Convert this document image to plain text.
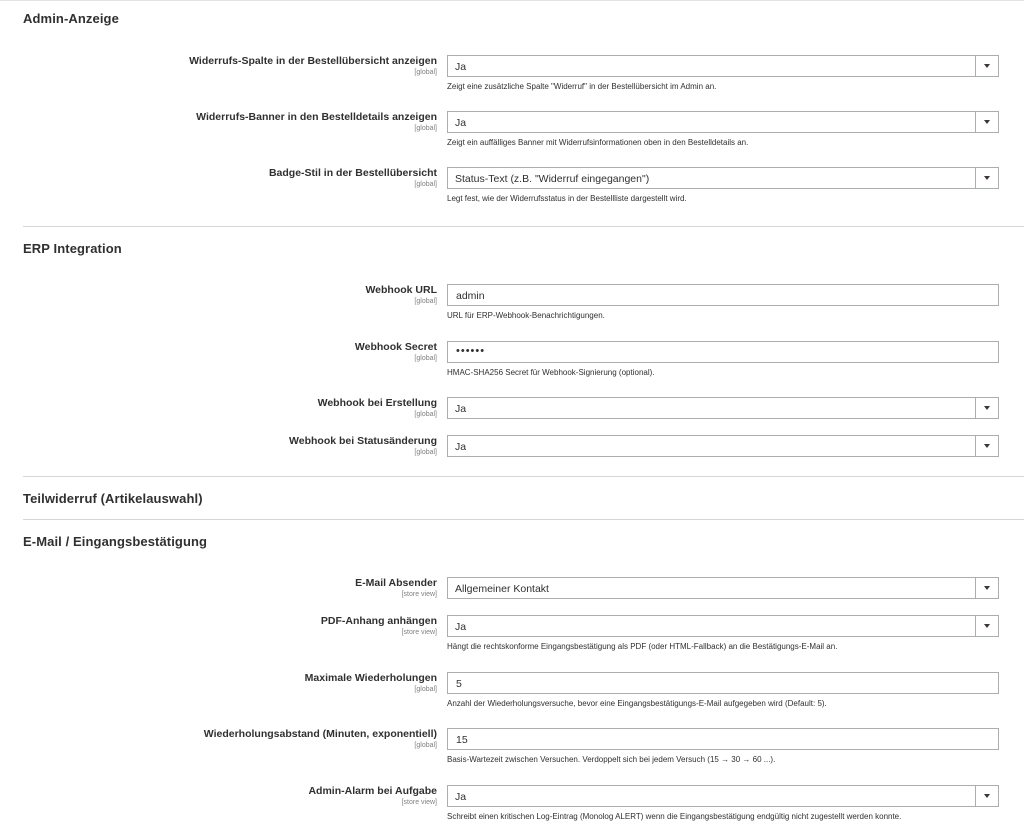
Admin-Anzeige
Widerrufs-Spalte in der Bestellübersicht anzeigen
[global] Ja
Zeigt eine zusätzliche Spalte "Widerruf" in der Bestellübersicht im Admin an.
Widerrufs-Banner in den Bestelldetails anzeigen
[global] Ja
Zeigt ein auffälliges Banner mit Widerrufsinformationen oben in den Bestelldetails an.
Badge-Stil in der Bestellübersicht
[global] Status-Text (z.B. "Widerruf eingegangen")
Legt fest, wie der Widerrufsstatus in der Bestellliste dargestellt wird.
ERP Integration
Webhook URL
[global] admin
URL für ERP-Webhook-Benachrichtigungen.
Webhook Secret
[global]
••••••
HMAC-SHA256 Secret für Webhook-Signierung (optional).
Webhook bei Erstellung
[global] Ja
Webhook bei Statusänderung
[global] Ja
Teilwiderruf (Artikelauswahl)
E-Mail / Eingangsbestätigung
E-Mail Absender
[store view] Allgemeiner Kontakt
PDF-Anhang anhängen
[store view] Ja
Hängt die rechtskonforme Eingangsbestätigung als PDF (oder HTML-Fallback) an die Bestätigungs-E-Mail an.
Maximale Wiederholungen
[global] 5
Anzahl der Wiederholungsversuche, bevor eine Eingangsbestätigungs-E-Mail aufgegeben wird (Default: 5).
Wiederholungsabstand (Minuten, exponentiell)
[global] 15
Basis-Wartezeit zwischen Versuchen. Verdoppelt sich bei jedem Versuch (15 → 30 → 60 ...).
Admin-Alarm bei Aufgabe
[store view] Ja
Schreibt einen kritischen Log-Eintrag (Monolog ALERT) wenn die Eingangsbestätigung endgültig nicht zugestellt werden konnte.
